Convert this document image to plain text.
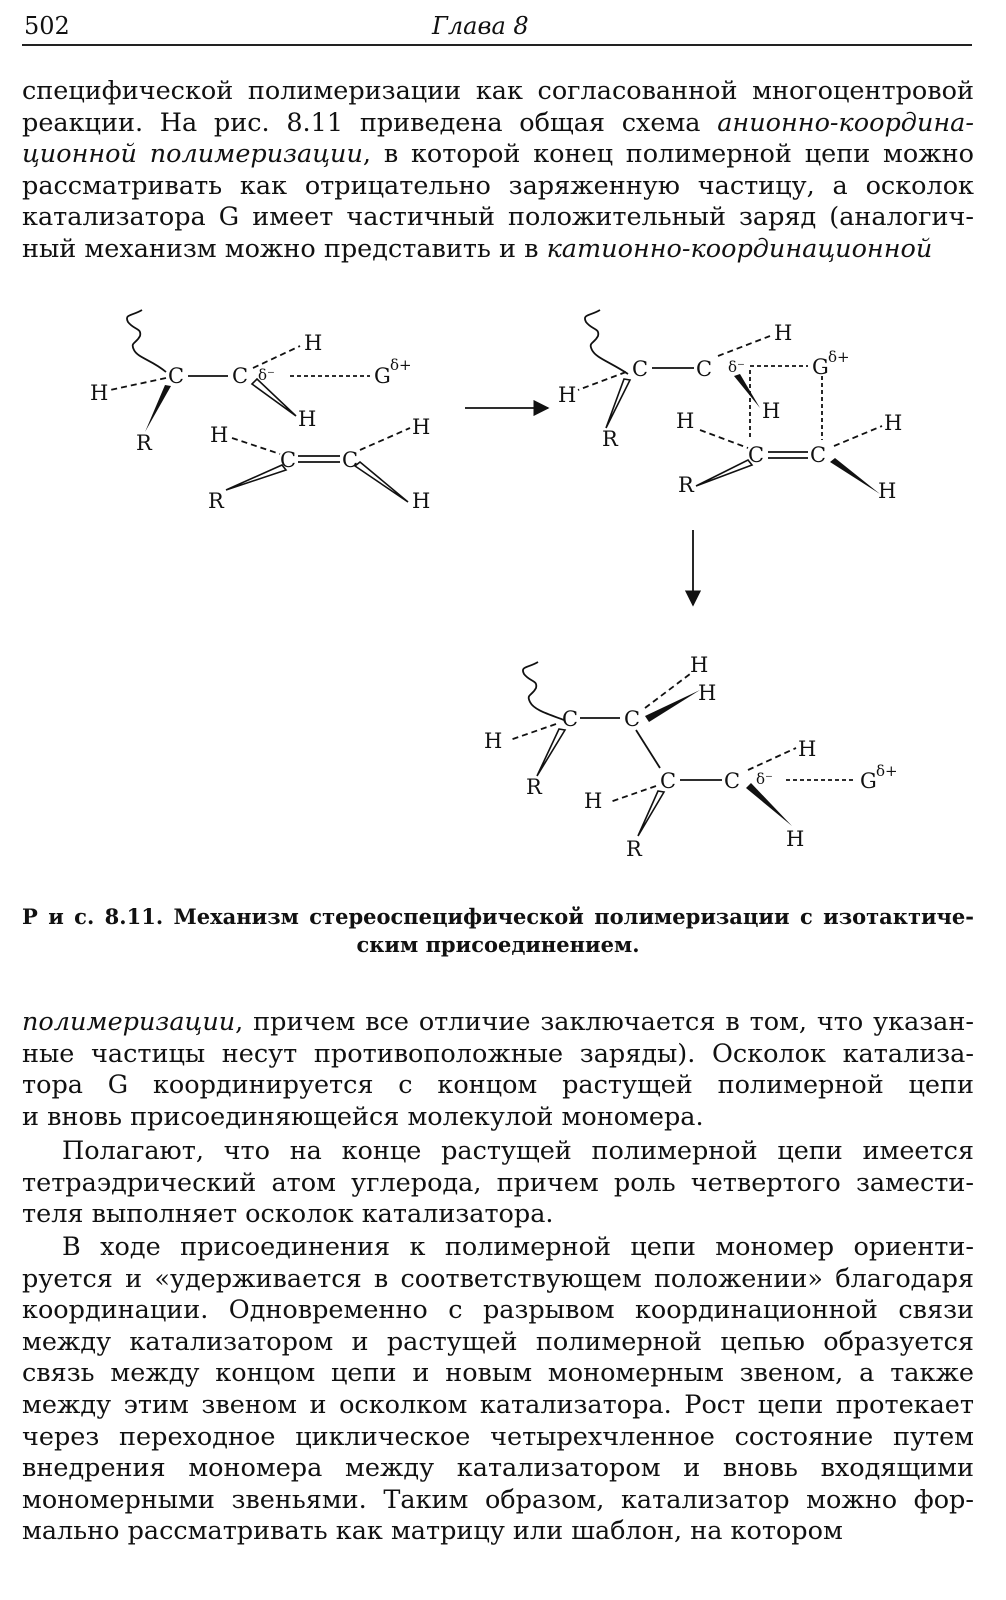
502	Глава 8
специфической полимеризации как согласованной многоцентровой
реакции. На рис. 8.11 приведена общая схема анионно-координа-
ционной полимеризации, в которой конец полимерной цепи можно
рассматривать как отрицательно заряженную частицу, а осколок
катализатора G имеет частичный положительный заряд (аналогич-
ный механизм можно представить и в катионно-координационной
C C δ⁻
H
H
R
H
G δ+
H
C C
H
R	H
C C δ⁻
H
H
R
H
G δ+
H
C C
H
R	H
C C
H
H
H
R	C C δ⁻
H
H
R	H
G δ+
Р и с. 8.11. Механизм стереоспецифической полимеризации с изотактиче-
ским присоединением.
полимеризации, причем все отличие заключается в том, что указан-
ные частицы несут противоположные заряды). Осколок катализа-
тора G координируется с концом растущей полимерной цепи
и вновь присоединяющейся молекулой мономера.
Полагают, что на конце растущей полимерной цепи имеется
тетраэдрический атом углерода, причем роль четвертого замести-
теля выполняет осколок катализатора.
В ходе присоединения к полимерной цепи мономер ориенти-
руется и «удерживается в соответствующем положении» благодаря
координации. Одновременно с разрывом координационной связи
между катализатором и растущей полимерной цепью образуется
связь между концом цепи и новым мономерным звеном, а также
между этим звеном и осколком катализатора. Рост цепи протекает
через переходное циклическое четырехчленное состояние путем
внедрения мономера между катализатором и вновь входящими
мономерными звеньями. Таким образом, катализатор можно фор-
мально рассматривать как матрицу или шаблон, на котором
